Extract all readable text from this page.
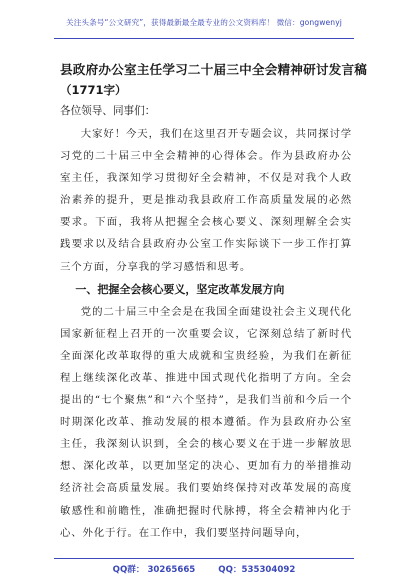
关注头条号“公文研究”，获得最新最全最专业的公文资料库！ 微信：gongwenyj
县政府办公室主任学习二十届三中全会精神研讨发言稿
（1771字）

各位领导、同事们：

大家好！今天，我们在这里召开专题会议，共同探讨学习党的二十届三中全会精神的心得体会。作为县政府办公室主任，我深知学习贯彻好全会精神，不仅是对我个人政治素养的提升，更是推动我县政府工作高质量发展的必然要求。下面，我将从把握全会核心要义、深刻理解全会实践要求以及结合县政府办公室工作实际谈下一步工作打算三个方面，分享我的学习感悟和思考。

一、把握全会核心要义，坚定改革发展方向

党的二十届三中全会是在我国全面建设社会主义现代化国家新征程上召开的一次重要会议，它深刻总结了新时代全面深化改革取得的重大成就和宝贵经验，为我们在新征程上继续深化改革、推进中国式现代化指明了方向。全会提出的“七个聚焦”和“六个坚持”，是我们当前和今后一个时期深化改革、推动发展的根本遵循。作为县政府办公室主任，我深刻认识到，全会的核心要义在于进一步解放思想、深化改革，以更加坚定的决心、更加有力的举措推动经济社会高质量发展。我们要始终保持对改革发展的高度敏感性和前瞻性，准确把握时代脉搏，将全会精神内化于心、外化于行。在工作中，我们要坚持问题导向，

QQ群： 30265665	QQ：535304092
